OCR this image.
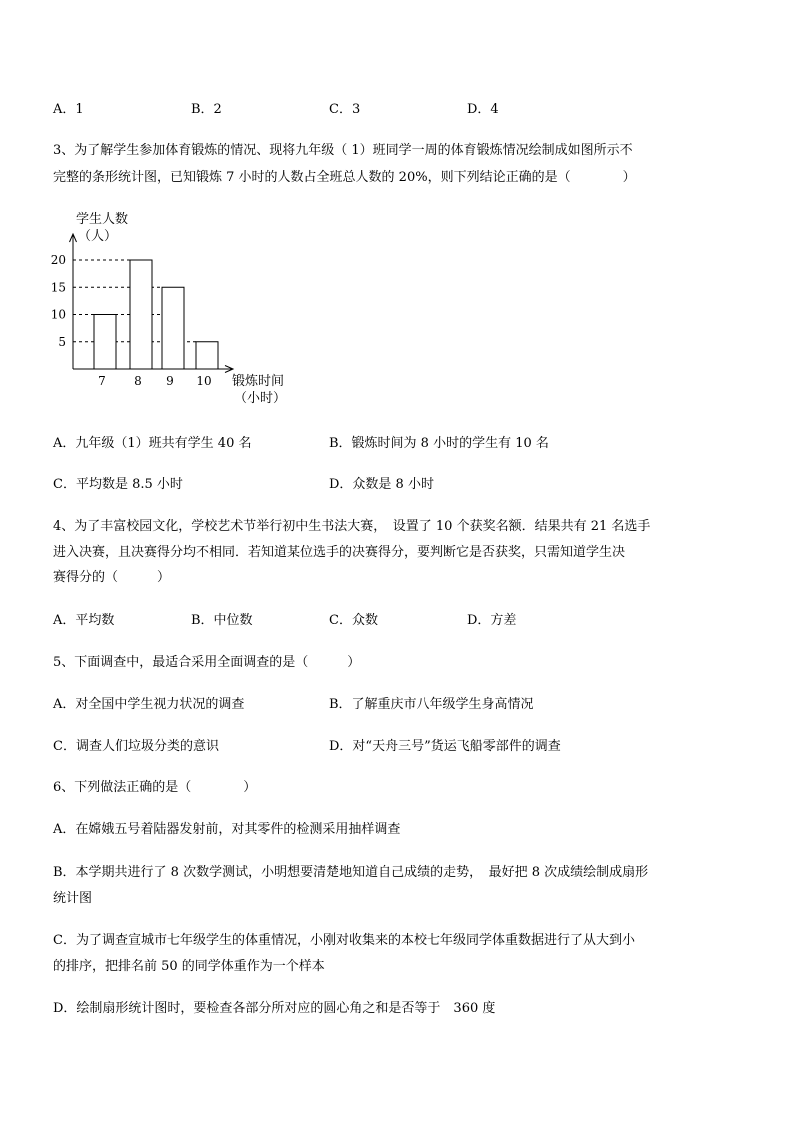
A．1	B．2	C．3	D．4
3、为了解学生参加体育锻炼的情况、现将九年级（ 1）班同学一周的体育锻炼情况绘制成如图所示不
完整的条形统计图，已知锻炼 7 小时的人数占全班总人数的 20%，则下列结论正确的是（　　　　）
5
10
15
20
7 8 9 10
学生人数
（人）
锻炼时间
（小时）
A．九年级（1）班共有学生 40 名	B．锻炼时间为 8 小时的学生有 10 名
C．平均数是 8.5 小时	D．众数是 8 小时
4、为了丰富校园文化，学校艺术节举行初中生书法大赛，　设置了 10 个获奖名额．结果共有 21 名选手
进入决赛，且决赛得分均不相同．若知道某位选手的决赛得分，要判断它是否获奖，只需知道学生决
赛得分的（　　　）
A．平均数	B．中位数	C．众数	D．方差
5、下面调查中，最适合采用全面调查的是（　　　）
A．对全国中学生视力状况的调查	B．了解重庆市八年级学生身高情况
C．调查人们垃圾分类的意识	D．对“天舟三号”货运飞船零部件的调查
6、下列做法正确的是（　　　　）
A．在嫦娥五号着陆器发射前，对其零件的检测采用抽样调查
B．本学期共进行了 8 次数学测试，小明想要清楚地知道自己成绩的走势，　最好把 8 次成绩绘制成扇形
统计图
C．为了调查宣城市七年级学生的体重情况，小刚对收集来的本校七年级同学体重数据进行了从大到小
的排序，把排名前 50 的同学体重作为一个样本
D．绘制扇形统计图时，要检查各部分所对应的圆心角之和是否等于　360 度
